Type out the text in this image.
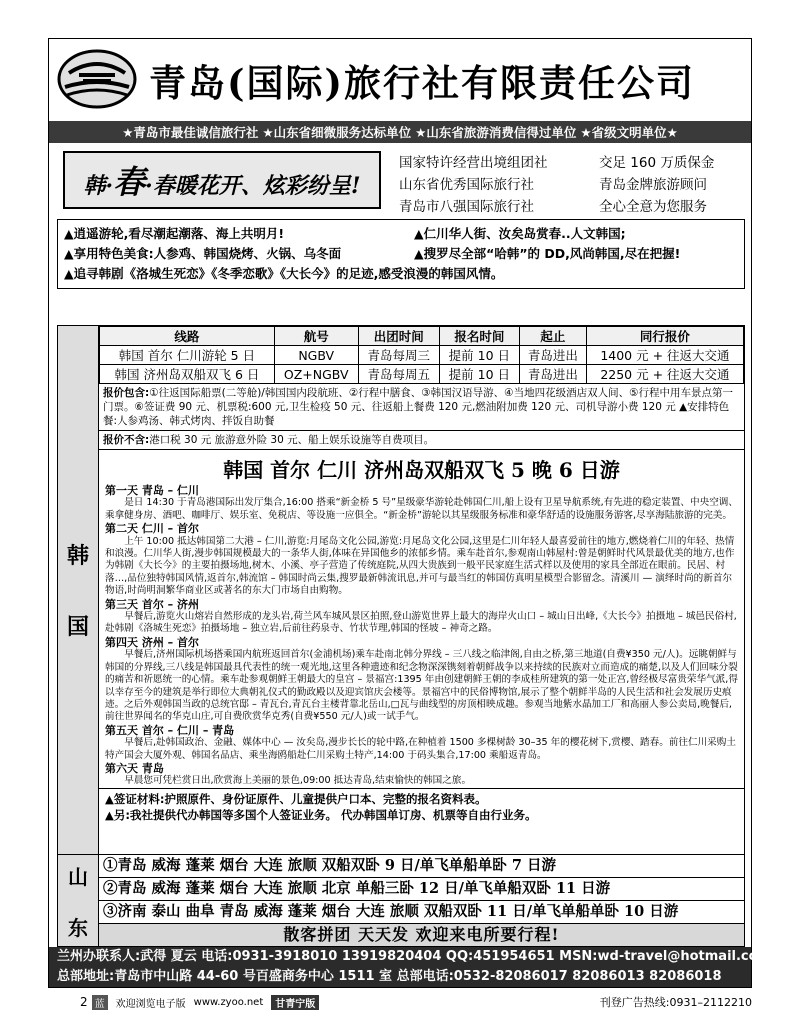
青岛(国际)旅行社有限责任公司
★青岛市最佳诚信旅行社 ★山东省细微服务达标单位 ★山东省旅游消费信得过单位 ★省级文明单位★
韩·春·春暖花开、炫彩纷呈!
国家特许经营出境组团社	交足 160 万质保金
山东省优秀国际旅行社	青岛金牌旅游顾问
青岛市八强国际旅行社	全心全意为您服务
▲逍遥游轮,看尽潮起潮落、海上共明月!	▲仁川华人街、汝矣岛赏春..人文韩国;
▲享用特色美食:人参鸡、韩国烧烤、火锅、乌冬面	▲搜罗尽全部“哈韩”的 DD,风尚韩国,尽在把握!
▲追寻韩剧《洛城生死恋》《冬季恋歌》《大长今》的足迹,感受浪漫的韩国风情。
韩
国
线路	航号	出团时间	报名时间	起止	同行报价
韩国 首尔 仁川游轮 5 日	NGBV	青岛每周三	提前 10 日	青岛进出	1400 元 + 往返大交通
韩国 济州岛双船双飞 6 日	OZ+NGBV	青岛每周五	提前 10 日	青岛进出	2250 元 + 往返大交通
报价包含:①往返国际船票(二等舱)/韩国国内段航班、②行程中膳食、③韩国汉语导游、④当地四花级酒店双人间、⑤行程中用车景点第一门票。⑥签证费 90 元、机票税:600 元,卫生检疫 50 元、往返船上餐费 120 元,燃油附加费 120 元、司机导游小费 120 元 ▲安排特色餐:人参鸡汤、韩式烤肉、拌饭自助餐
报价不含:港口税 30 元 旅游意外险 30 元、船上娱乐设施等自费项目。
韩国 首尔 仁川 济州岛双船双飞 5 晚 6 日游
第一天 青岛 – 仁川

是日 14:30 于青岛港国际出发厅集合,16:00 搭乘“新金桥 5 号”星级豪华游轮赴韩国仁川,船上设有卫星导航系统,有先进的稳定装置、中央空调、乘拿健身房、酒吧、咖啡厅、娱乐室、免税店、等设施一应俱全。“新金桥”游轮以其星级服务标准和豪华舒适的设施服务游客,尽享海陆旅游的完美。

第二天 仁川 – 首尔

上午 10:00 抵达韩国第二大港 – 仁川,游览:月尾岛文化公园,游览:月尾岛文化公园,这里是仁川年轻人最喜爱前往的地方,燃烧着仁川的年轻、热情和浪漫。仁川华人街,漫步韩国规模最大的一条华人街,体味在异国他乡的浓郁乡情。乘车赴首尔,参观南山韩屋村:曾是朝鲜时代风景最优美的地方,也作为韩剧《大长今》的主要拍摄场地,树木、小溪、亭子营造了传统庭院,从四大贵族到一般平民家庭生活式样以及使用的家具全部近在眼前。民居、村落…,品位独特韩国风情,返首尔,韩流馆 – 韩国时尚云集,搜罗最新韩流讯息,并可与最当红的韩国仿真明星模型合影留念。清溪川 — 演绎时尚的新首尔物语,时尚明洞繁华商业区或著名的东大门市场自由购物。

第三天 首尔 – 济州

早餐后,游览火山熔岩自然形成的龙头岩,荷兰风车城风景区拍照,登山游览世界上最大的海岸火山口 – 城山日出峰,《大长今》拍摄地 – 城邑民俗村,赴韩剧《洛城生死恋》拍摄场地 – 独立岩,后前往药泉寺、竹状节理,韩国的怪坡 – 神奇之路。

第四天 济州 – 首尔

早餐后,济州国际机场搭乘国内航班返回首尔(金浦机场)乘车赴南北韩分界线 – 三八线之临津阁,自由之桥,第三地道(自费¥350 元/人)。远眺朝鲜与韩国的分界线,三八线是韩国最具代表性的统一观光地,这里各种遗迹和纪念物深深镌刻着朝鲜战争以来持续的民族对立而造成的痛楚,以及人们回味分裂的痛苦和祈愿统一的心情。乘车赴参观朝鲜王朝最大的皇宫 – 景福宫:1395 年由创建朝鲜王朝的李成桂所建筑的第一处正宫,曾经极尽富贵荣华气派,得以幸存至今的建筑是举行即位大典朝礼仪式的勤政殿以及迎宾馆庆会楼等。景福宫中的民俗博物馆,展示了整个朝鲜半岛的人民生活和社会发展历史痕迹。之后外观韩国当政的总统官邸 – 青瓦台,青瓦台主楼背靠北岳山,□瓦与曲线型的房顶相映成趣。参观当地紫水晶加工厂和高丽人参公卖局,晚餐后,前往世界闻名的华克山庄,可自费欣赏华克秀(自费¥550 元/人)或一试手气。

第五天 首尔 – 仁川 – 青岛

早餐后,赴韩国政治、金融、媒体中心 — 汝矣岛,漫步长长的轮中路,在种植着 1500 多棵树龄 30–35 年的樱花树下,赏樱、踏春。前往仁川采购土特产国会大厦外观、韩国名品店、乘坐海鸥船赴仁川采购土特产,14:00 于码头集合,17:00 乘船返青岛。

第六天 青岛

早晨您可凭栏赏日出,欣赏海上美丽的景色,09:00 抵达青岛,结束愉快的韩国之旅。

▲签证材料:护照原件、身份证原件、儿童提供户口本、完整的报名资料表。
▲另:我社提供代办韩国等多国个人签证业务。 代办韩国单订房、机票等自由行业务。
山
东
①青岛 威海 蓬莱 烟台 大连 旅顺 双船双卧 9 日/单飞单船单卧 7 日游
②青岛 威海 蓬莱 烟台 大连 旅顺 北京 单船三卧 12 日/单飞单船双卧 11 日游
③济南 泰山 曲阜 青岛 威海 蓬莱 烟台 大连 旅顺 双船双卧 11 日/单飞单船单卧 10 日游
散客拼团 天天发 欢迎来电所要行程!
兰州办联系人:武得 夏云 电话:0931-3918010 13919820404 QQ:451954651 MSN:wd-travel@hotmail.com
总部地址:青岛市中山路 44-60 号百盛商务中心 1511 室 总部电话:0532-82086017 82086013 82086018
2 蓝	欢迎浏览电子版 www.zyoo.net	甘青宁版	刊登广告热线:0931–2112210
